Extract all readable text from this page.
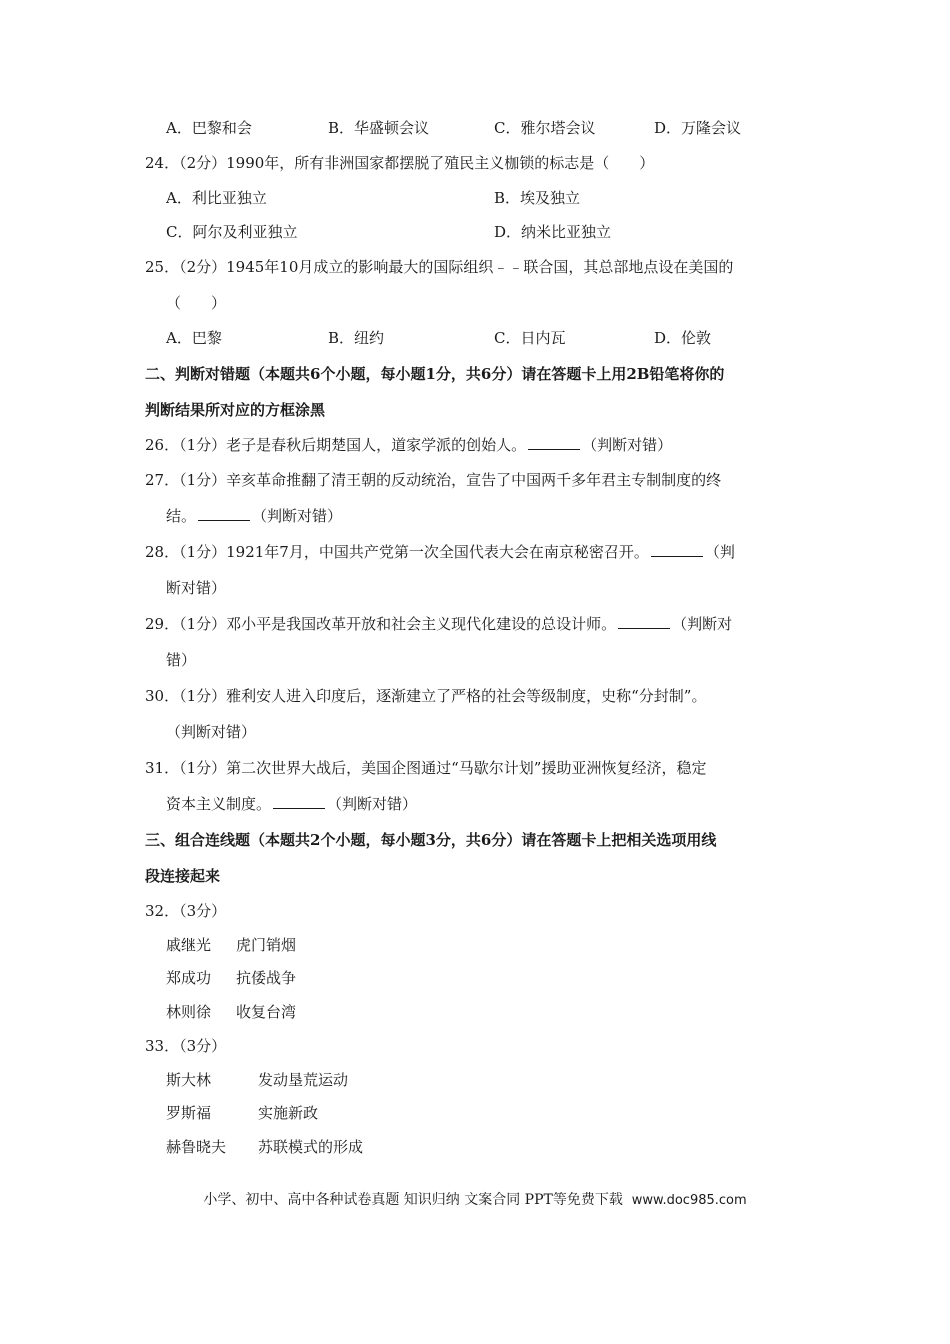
A．巴黎和会	B．华盛顿会议	C．雅尔塔会议	D．万隆会议
24．（2分）1990年，所有非洲国家都摆脱了殖民主义枷锁的标志是（　　）
A．利比亚独立	B．埃及独立
C．阿尔及利亚独立	D．纳米比亚独立
25．（2分）1945年10月成立的影响最大的国际组织﹣﹣联合国，其总部地点设在美国的
（　　）
A．巴黎	B．纽约	C．日内瓦	D．伦敦
二、判断对错题（本题共6个小题，每小题1分，共6分）请在答题卡上用2B铅笔将你的
判断结果所对应的方框涂黑
26．（1分）老子是春秋后期楚国人，道家学派的创始人。	（判断对错）
27．（1分）辛亥革命推翻了清王朝的反动统治，宣告了中国两千多年君主专制制度的终
结。	（判断对错）
28．（1分）1921年7月，中国共产党第一次全国代表大会在南京秘密召开。	（判
断对错）
29．（1分）邓小平是我国改革开放和社会主义现代化建设的总设计师。	（判断对
错）
30．（1分）雅利安人进入印度后，逐渐建立了严格的社会等级制度，史称“分封制”。
（判断对错）
31．（1分）第二次世界大战后，美国企图通过“马歇尔计划”援助亚洲恢复经济，稳定
资本主义制度。	（判断对错）
三、组合连线题（本题共2个小题，每小题3分，共6分）请在答题卡上把相关选项用线
段连接起来
32．（3分）
戚继光 虎门销烟
郑成功 抗倭战争
林则徐 收复台湾
33．（3分）
斯大林	发动垦荒运动
罗斯福	实施新政
赫鲁晓夫 苏联模式的形成
小学、初中、高中各种试卷真题 知识归纳 文案合同 PPT等免费下载 www.doc985.com
